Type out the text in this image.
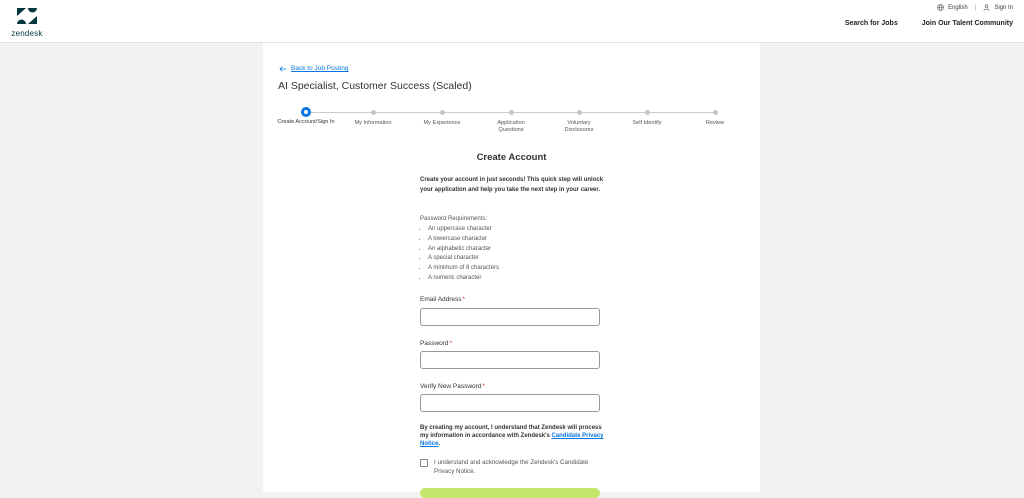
zendesk
English |	Sign In
Search for Jobs	Join Our Talent Community
Back to Job Posting
AI Specialist, Customer Success (Scaled)
Create Account/Sign In	My Information	My Experience	Application Questions
Voluntary Disclosures
Self Identify	Review
Create Account
Create your account in just seconds! This quick step will unlock your application and help you take the next step in your career.
Password Requirements:
• An uppercase character
• A lowercase character
• An alphabetic character
• A special character
• A minimum of 8 characters
• A numeric character
Email Address*
Password*
Verify New Password*
By creating my account, I understand that Zendesk will process my information in accordance with Zendesk's Candidate Privacy Notice.
I understand and acknowledge the Zendesk's Candidate Privacy Notice.
